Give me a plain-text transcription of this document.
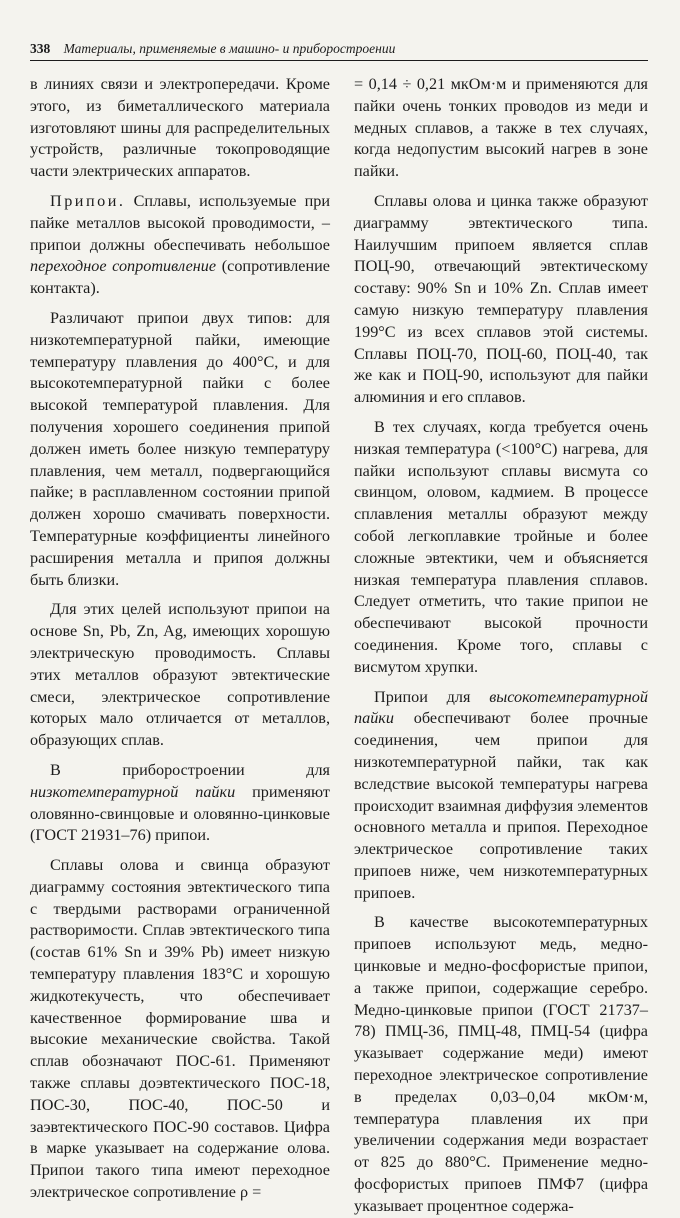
338 Материалы, применяемые в машино- и приборостроении

в линиях связи и электропередачи. Кроме этого, из биметаллического материала изготовляют шины для распределительных устройств, различные токопроводящие части электрических аппаратов.

Припои. Сплавы, используемые при пайке металлов высокой проводимости, – припои должны обеспечивать небольшое переходное сопротивление (сопротивление контакта).

Различают припои двух типов: для низкотемпературной пайки, имеющие температуру плавления до 400°С, и для высокотемпературной пайки с более высокой температурой плавления. Для получения хорошего соединения припой должен иметь более низкую температуру плавления, чем металл, подвергающийся пайке; в расплавленном состоянии припой должен хорошо смачивать поверхности. Температурные коэффициенты линейного расширения металла и припоя должны быть близки.

Для этих целей используют припои на основе Sn, Pb, Zn, Ag, имеющих хорошую электрическую проводимость. Сплавы этих металлов образуют эвтектические смеси, электрическое сопротивление которых мало отличается от металлов, образующих сплав.

В приборостроении для низкотемпературной пайки применяют оловянно-свинцовые и оловянно-цинковые (ГОСТ 21931–76) припои.

Сплавы олова и свинца образуют диаграмму состояния эвтектического типа с твердыми растворами ограниченной растворимости. Сплав эвтектического типа (состав 61% Sn и 39% Pb) имеет низкую температуру плавления 183°С и хорошую жидкотекучесть, что обеспечивает качественное формирование шва и высокие механические свойства. Такой сплав обозначают ПОС-61. Применяют также сплавы доэвтектического ПОС-18, ПОС-30, ПОС-40, ПОС-50 и заэвтектического ПОС-90 составов. Цифра в марке указывает на содержание олова. Припои такого типа имеют переходное электрическое сопротивление ρ =

= 0,14 ÷ 0,21 мкОм·м и применяются для пайки очень тонких проводов из меди и медных сплавов, а также в тех случаях, когда недопустим высокий нагрев в зоне пайки.

Сплавы олова и цинка также образуют диаграмму эвтектического типа. Наилучшим припоем является сплав ПОЦ-90, отвечающий эвтектическому составу: 90% Sn и 10% Zn. Сплав имеет самую низкую температуру плавления 199°С из всех сплавов этой системы. Сплавы ПОЦ-70, ПОЦ-60, ПОЦ-40, так же как и ПОЦ-90, используют для пайки алюминия и его сплавов.

В тех случаях, когда требуется очень низкая температура (<100°С) нагрева, для пайки используют сплавы висмута со свинцом, оловом, кадмием. В процессе сплавления металлы образуют между собой легкоплавкие тройные и более сложные эвтектики, чем и объясняется низкая температура плавления сплавов. Следует отметить, что такие припои не обеспечивают высокой прочности соединения. Кроме того, сплавы с висмутом хрупки.

Припои для высокотемпературной пайки обеспечивают более прочные соединения, чем припои для низкотемпературной пайки, так как вследствие высокой температуры нагрева происходит взаимная диффузия элементов основного металла и припоя. Переходное электрическое сопротивление таких припоев ниже, чем низкотемпературных припоев.

В качестве высокотемпературных припоев используют медь, медно-цинковые и медно-фосфористые припои, а также припои, содержащие серебро. Медно-цинковые припои (ГОСТ 21737–78) ПМЦ-36, ПМЦ-48, ПМЦ-54 (цифра указывает содержание меди) имеют переходное электрическое сопротивление в пределах 0,03–0,04 мкОм·м, температура плавления их при увеличении содержания меди возрастает от 825 до 880°С. Применение медно-фосфористых припоев ПМФ7 (цифра указывает процентное содержа-
